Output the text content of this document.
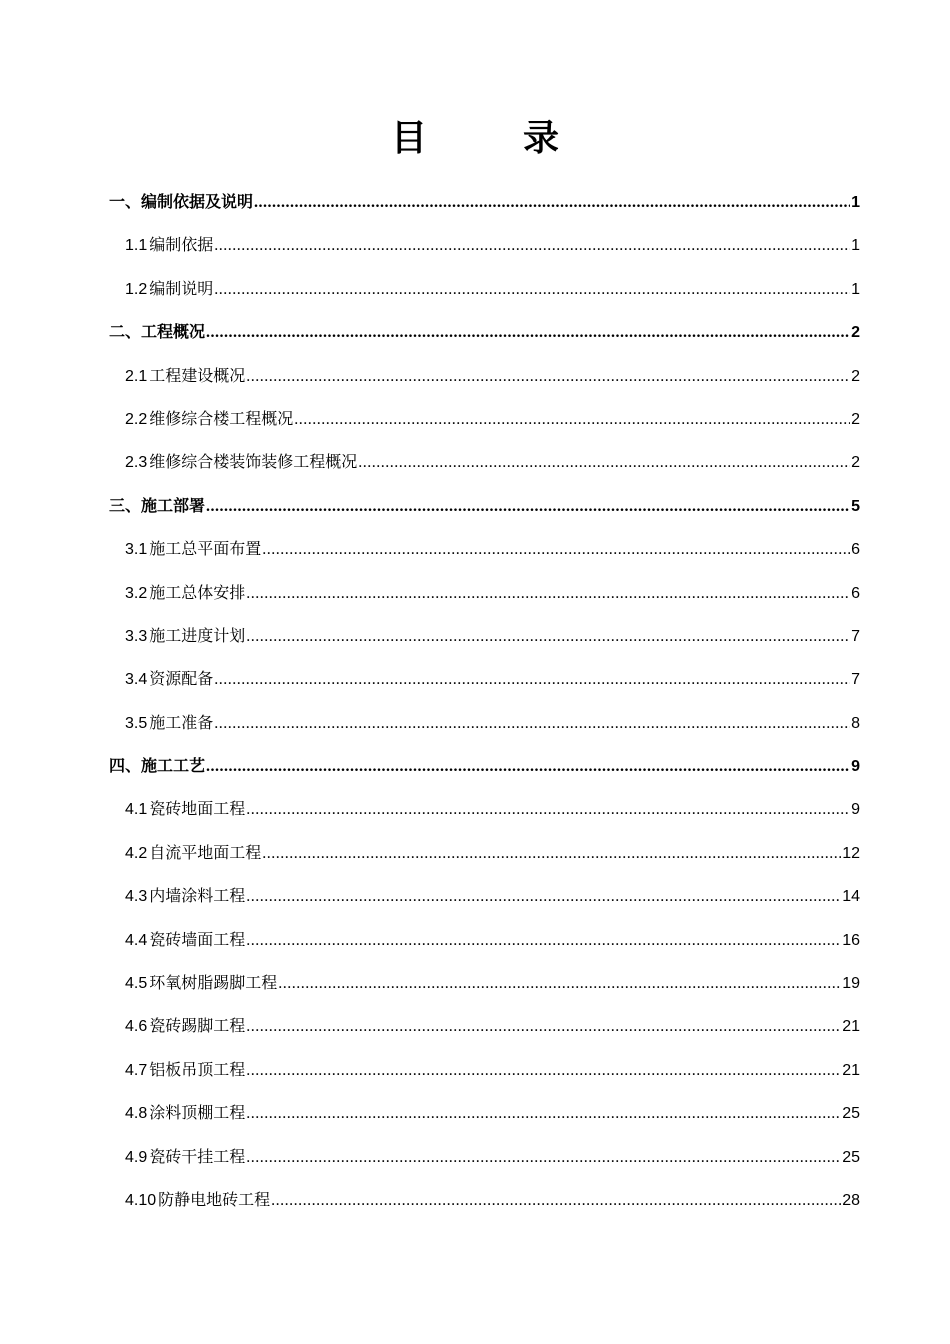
目　录
一、编制依据及说明 .....	1
1.1 编制依据 .....	1
1.2 编制说明 .....	1
二、工程概况 .....	2
2.1 工程建设概况 .....	2
2.2 维修综合楼工程概况 .....	2
2.3 维修综合楼装饰装修工程概况 .....	2
三、施工部署 .....	5
3.1 施工总平面布置 .....	6
3.2 施工总体安排 .....	6
3.3 施工进度计划 .....	7
3.4 资源配备 .....	7
3.5 施工准备 .....	8
四、施工工艺 .....	9
4.1 瓷砖地面工程 .....	9
4.2 自流平地面工程 .....	12
4.3 内墙涂料工程 .....	14
4.4 瓷砖墙面工程 .....	16
4.5 环氧树脂踢脚工程 .....	19
4.6 瓷砖踢脚工程 .....	21
4.7 铝板吊顶工程 .....	21
4.8 涂料顶棚工程 .....	25
4.9 瓷砖干挂工程 .....	25
4.10 防静电地砖工程 .....	28
